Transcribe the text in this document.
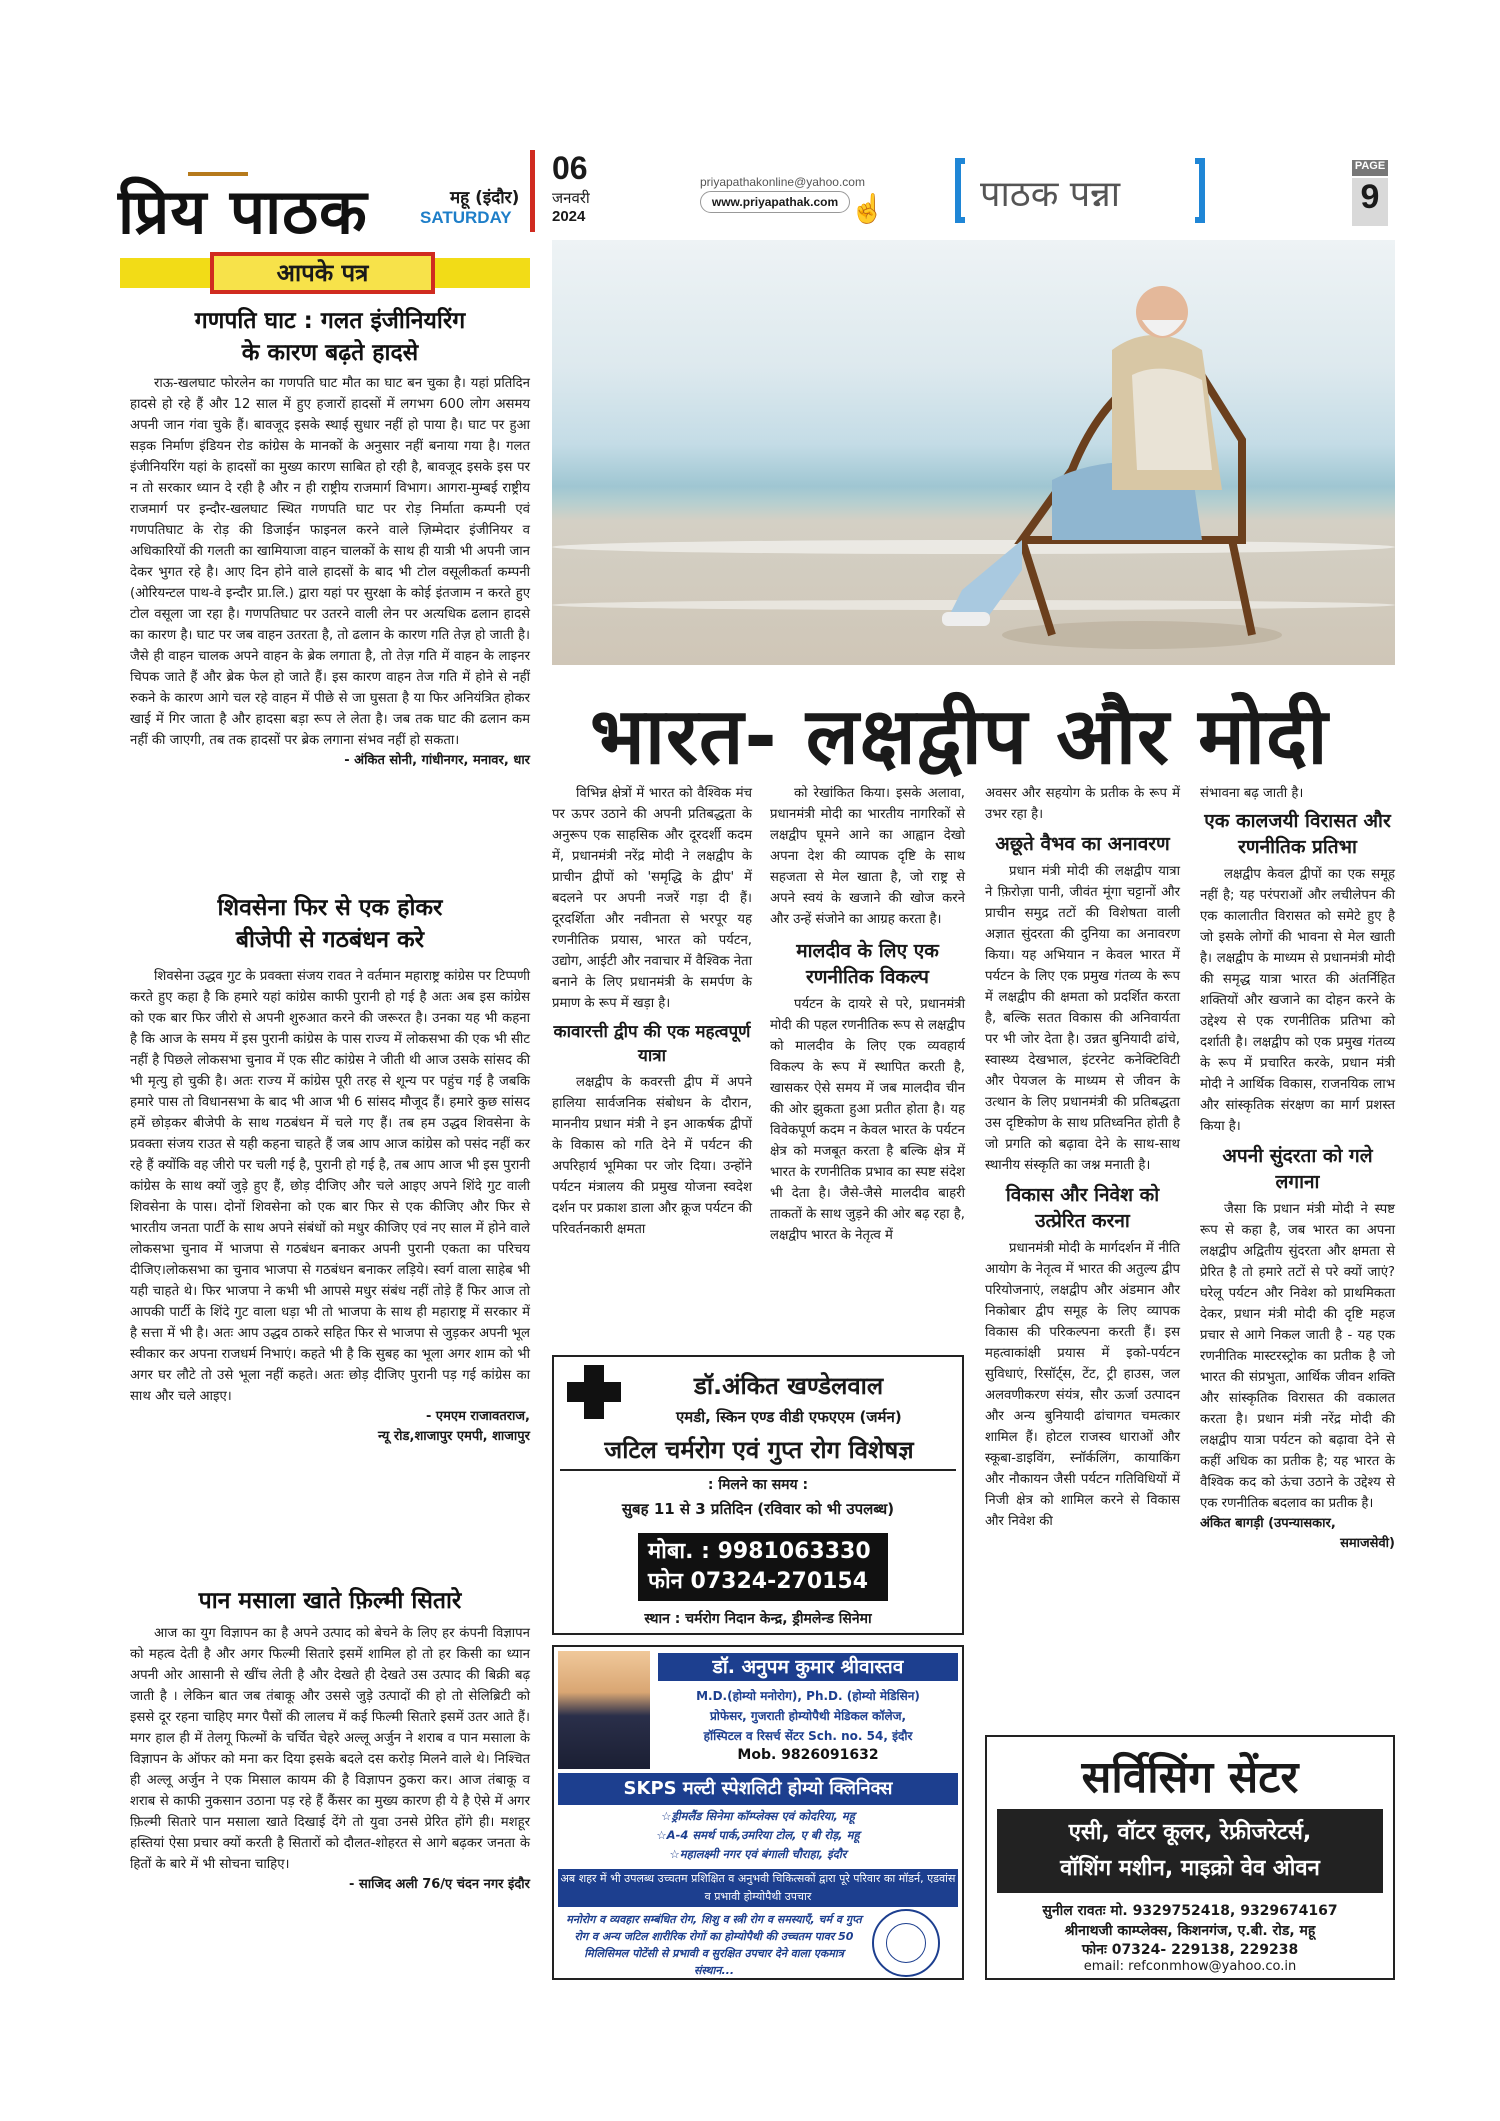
प्रिय पाठक	महू (इंदौर)
SATURDAY
06
जनवरी
2024
priyapathakonline@yahoo.com
www.priyapathak.com ☝	पाठक पन्ना
PAGE
9
आपके पत्र
गणपति घाट : गलत इंजीनियरिंग
के कारण बढ़ते हादसे

राऊ-खलघाट फोरलेन का गणपति घाट मौत का घाट बन चुका है। यहां प्रतिदिन हादसे हो रहे हैं और 12 साल में हुए हजारों हादसों में लगभग 600 लोग असमय अपनी जान गंवा चुके हैं। बावजूद इसके स्थाई सुधार नहीं हो पाया है। घाट पर हुआ सड़क निर्माण इंडियन रोड कांग्रेस के मानकों के अनुसार नहीं बनाया गया है। गलत इंजीनियरिंग यहां के हादसों का मुख्य कारण साबित हो रही है, बावजूद इसके इस पर न तो सरकार ध्यान दे रही है और न ही राष्ट्रीय राजमार्ग विभाग। आगरा-मुम्बई राष्ट्रीय राजमार्ग पर इन्दौर-खलघाट स्थित गणपति घाट पर रोड़ निर्माता कम्पनी एवं गणपतिघाट के रोड़ की डिजाईन फाइनल करने वाले ज़िम्मेदार इंजीनियर व अधिकारियों की गलती का खामियाजा वाहन चालकों के साथ ही यात्री भी अपनी जान देकर भुगत रहे है। आए दिन होने वाले हादसों के बाद भी टोल वसूलीकर्ता कम्पनी (ओरियन्टल पाथ-वे इन्दौर प्रा.लि.) द्वारा यहां पर सुरक्षा के कोई इंतजाम न करते हुए टोल वसूला जा रहा है। गणपतिघाट पर उतरने वाली लेन पर अत्यधिक ढलान हादसे का कारण है। घाट पर जब वाहन उतरता है, तो ढलान के कारण गति तेज़ हो जाती है। जैसे ही वाहन चालक अपने वाहन के ब्रेक लगाता है, तो तेज़ गति में वाहन के लाइनर चिपक जाते हैं और ब्रेक फेल हो जाते हैं। इस कारण वाहन तेज गति में होने से नहीं रुकने के कारण आगे चल रहे वाहन में पीछे से जा घुसता है या फिर अनियंत्रित होकर खाई में गिर जाता है और हादसा बड़ा रूप ले लेता है। जब तक घाट की ढलान कम नहीं की जाएगी, तब तक हादसों पर ब्रेक लगाना संभव नहीं हो सकता।

- अंकित सोनी, गांधीनगर, मनावर, धार
शिवसेना फिर से एक होकर
बीजेपी से गठबंधन करे

शिवसेना उद्धव गुट के प्रवक्ता संजय रावत ने वर्तमान महाराष्ट्र कांग्रेस पर टिप्पणी करते हुए कहा है कि हमारे यहां कांग्रेस काफी पुरानी हो गई है अतः अब इस कांग्रेस को एक बार फिर जीरो से अपनी शुरुआत करने की जरूरत है। उनका यह भी कहना है कि आज के समय में इस पुरानी कांग्रेस के पास राज्य में लोकसभा की एक भी सीट नहीं है पिछले लोकसभा चुनाव में एक सीट कांग्रेस ने जीती थी आज उसके सांसद की भी मृत्यु हो चुकी है। अतः राज्य में कांग्रेस पूरी तरह से शून्य पर पहुंच गई है जबकि हमारे पास तो विधानसभा के बाद भी आज भी 6 सांसद मौजूद हैं। हमारे कुछ सांसद हमें छोड़कर बीजेपी के साथ गठबंधन में चले गए हैं। तब हम उद्धव शिवसेना के प्रवक्ता संजय राउत से यही कहना चाहते हैं जब आप आज कांग्रेस को पसंद नहीं कर रहे हैं क्योंकि वह जीरो पर चली गई है, पुरानी हो गई है, तब आप आज भी इस पुरानी कांग्रेस के साथ क्यों जुड़े हुए हैं, छोड़ दीजिए और चले आइए अपने शिंदे गुट वाली शिवसेना के पास। दोनों शिवसेना को एक बार फिर से एक कीजिए और फिर से भारतीय जनता पार्टी के साथ अपने संबंधों को मधुर कीजिए एवं नए साल में होने वाले लोकसभा चुनाव में भाजपा से गठबंधन बनाकर अपनी पुरानी एकता का परिचय दीजिए।लोकसभा का चुनाव भाजपा से गठबंधन बनाकर लड़िये। स्वर्ग वाला साहेब भी यही चाहते थे। फिर भाजपा ने कभी भी आपसे मधुर संबंध नहीं तोड़े हैं फिर आज तो आपकी पार्टी के शिंदे गुट वाला धड़ा भी तो भाजपा के साथ ही महाराष्ट्र में सरकार में है सत्ता में भी है। अतः आप उद्धव ठाकरे सहित फिर से भाजपा से जुड़कर अपनी भूल स्वीकार कर अपना राजधर्म निभाएं। कहते भी है कि सुबह का भूला अगर शाम को भी अगर घर लौटे तो उसे भूला नहीं कहते। अतः छोड़ दीजिए पुरानी पड़ गई कांग्रेस का साथ और चले आइए।

- एमएम राजावतराज,
न्यू रोड,शाजापुर एमपी, शाजापुर
पान मसाला खाते फ़िल्मी सितारे

आज का युग विज्ञापन का है अपने उत्पाद को बेचने के लिए हर कंपनी विज्ञापन को महत्व देती है और अगर फिल्मी सितारे इसमें शामिल हो तो हर किसी का ध्यान अपनी ओर आसानी से खींच लेती है और देखते ही देखते उस उत्पाद की बिक्री बढ़ जाती है । लेकिन बात जब तंबाकू और उससे जुड़े उत्पादों की हो तो सेलिब्रिटी को इससे दूर रहना चाहिए मगर पैसों की लालच में कई फिल्मी सितारे इसमें उतर आते हैं। मगर हाल ही में तेलगू फिल्मों के चर्चित चेहरे अल्लू अर्जुन ने शराब व पान मसाला के विज्ञापन के ऑफर को मना कर दिया इसके बदले दस करोड़ मिलने वाले थे। निश्चित ही अल्लू अर्जुन ने एक मिसाल कायम की है विज्ञापन ठुकरा कर। आज तंबाकू व शराब से काफी नुकसान उठाना पड़ रहे हैं कैंसर का मुख्य कारण ही ये है ऐसे में अगर फ़िल्मी सितारे पान मसाला खाते दिखाई देंगे तो युवा उनसे प्रेरित होंगे ही। मशहूर हस्तियां ऐसा प्रचार क्यों करती है सितारों को दौलत-शोहरत से आगे बढ़कर जनता के हितों के बारे में भी सोचना चाहिए।

- साजिद अली 76/ए चंदन नगर इंदौर
भारत- लक्षद्वीप और मोदी

विभिन्न क्षेत्रों में भारत को वैश्विक मंच पर ऊपर उठाने की अपनी प्रतिबद्धता के अनुरूप एक साहसिक और दूरदर्शी कदम में, प्रधानमंत्री नरेंद्र मोदी ने लक्षद्वीप के प्राचीन द्वीपों को 'समृद्धि के द्वीप' में बदलने पर अपनी नजरें गड़ा दी हैं। दूरदर्शिता और नवीनता से भरपूर यह रणनीतिक प्रयास, भारत को पर्यटन, उद्योग, आईटी और नवाचार में वैश्विक नेता बनाने के लिए प्रधानमंत्री के समर्पण के प्रमाण के रूप में खड़ा है।

कावारत्ती द्वीप की एक महत्वपूर्ण यात्रा

लक्षद्वीप के कवरत्ती द्वीप में अपने हालिया सार्वजनिक संबोधन के दौरान, माननीय प्रधान मंत्री ने इन आकर्षक द्वीपों के विकास को गति देने में पर्यटन की अपरिहार्य भूमिका पर जोर दिया। उन्होंने पर्यटन मंत्रालय की प्रमुख योजना स्वदेश दर्शन पर प्रकाश डाला और क्रूज पर्यटन की परिवर्तनकारी क्षमता

को रेखांकित किया। इसके अलावा, प्रधानमंत्री मोदी का भारतीय नागरिकों से लक्षद्वीप घूमने आने का आह्वान देखो अपना देश की व्यापक दृष्टि के साथ सहजता से मेल खाता है, जो राष्ट्र से अपने स्वयं के खजाने की खोज करने और उन्हें संजोने का आग्रह करता है।

मालदीव के लिए एक रणनीतिक विकल्प

पर्यटन के दायरे से परे, प्रधानमंत्री मोदी की पहल रणनीतिक रूप से लक्षद्वीप को मालदीव के लिए एक व्यवहार्य विकल्प के रूप में स्थापित करती है, खासकर ऐसे समय में जब मालदीव चीन की ओर झुकता हुआ प्रतीत होता है। यह विवेकपूर्ण कदम न केवल भारत के पर्यटन क्षेत्र को मजबूत करता है बल्कि क्षेत्र में भारत के रणनीतिक प्रभाव का स्पष्ट संदेश भी देता है। जैसे-जैसे मालदीव बाहरी ताकतों के साथ जुड़ने की ओर बढ़ रहा है, लक्षद्वीप भारत के नेतृत्व में

अवसर और सहयोग के प्रतीक के रूप में उभर रहा है।

अछूते वैभव का अनावरण

प्रधान मंत्री मोदी की लक्षद्वीप यात्रा ने फ़िरोज़ा पानी, जीवंत मूंगा चट्टानों और प्राचीन समुद्र तटों की विशेषता वाली अज्ञात सुंदरता की दुनिया का अनावरण किया। यह अभियान न केवल भारत में पर्यटन के लिए एक प्रमुख गंतव्य के रूप में लक्षद्वीप की क्षमता को प्रदर्शित करता है, बल्कि सतत विकास की अनिवार्यता पर भी जोर देता है। उन्नत बुनियादी ढांचे, स्वास्थ्य देखभाल, इंटरनेट कनेक्टिविटी और पेयजल के माध्यम से जीवन के उत्थान के लिए प्रधानमंत्री की प्रतिबद्धता उस दृष्टिकोण के साथ प्रतिध्वनित होती है जो प्रगति को बढ़ावा देने के साथ-साथ स्थानीय संस्कृति का जश्न मनाती है।

विकास और निवेश को उत्प्रेरित करना

प्रधानमंत्री मोदी के मार्गदर्शन में नीति आयोग के नेतृत्व में भारत की अतुल्य द्वीप परियोजनाएं, लक्षद्वीप और अंडमान और निकोबार द्वीप समूह के लिए व्यापक विकास की परिकल्पना करती हैं। इस महत्वाकांक्षी प्रयास में इको-पर्यटन सुविधाएं, रिसॉर्ट्स, टेंट, ट्री हाउस, जल अलवणीकरण संयंत्र, सौर ऊर्जा उत्पादन और अन्य बुनियादी ढांचागत चमत्कार शामिल हैं। होटल राजस्व धाराओं और स्कूबा-डाइविंग, स्नॉर्कलिंग, कायाकिंग और नौकायन जैसी पर्यटन गतिविधियों में निजी क्षेत्र को शामिल करने से विकास और निवेश की

संभावना बढ़ जाती है।

एक कालजयी विरासत और रणनीतिक प्रतिभा

लक्षद्वीप केवल द्वीपों का एक समूह नहीं है; यह परंपराओं और लचीलेपन की एक कालातीत विरासत को समेटे हुए है जो इसके लोगों की भावना से मेल खाती है। लक्षद्वीप के माध्यम से प्रधानमंत्री मोदी की समृद्ध यात्रा भारत की अंतर्निहित शक्तियों और खजाने का दोहन करने के उद्देश्य से एक रणनीतिक प्रतिभा को दर्शाती है। लक्षद्वीप को एक प्रमुख गंतव्य के रूप में प्रचारित करके, प्रधान मंत्री मोदी ने आर्थिक विकास, राजनयिक लाभ और सांस्कृतिक संरक्षण का मार्ग प्रशस्त किया है।

अपनी सुंदरता को गले लगाना

जैसा कि प्रधान मंत्री मोदी ने स्पष्ट रूप से कहा है, जब भारत का अपना लक्षद्वीप अद्वितीय सुंदरता और क्षमता से प्रेरित है तो हमारे तटों से परे क्यों जाएं? घरेलू पर्यटन और निवेश को प्राथमिकता देकर, प्रधान मंत्री मोदी की दृष्टि महज प्रचार से आगे निकल जाती है - यह एक रणनीतिक मास्टरस्ट्रोक का प्रतीक है जो भारत की संप्रभुता, आर्थिक जीवन शक्ति और सांस्कृतिक विरासत की वकालत करता है। प्रधान मंत्री नरेंद्र मोदी की लक्षद्वीप यात्रा पर्यटन को बढ़ावा देने से कहीं अधिक का प्रतीक है; यह भारत के वैश्विक कद को ऊंचा उठाने के उद्देश्य से एक रणनीतिक बदलाव का प्रतीक है।

अंकित बागड़ी (उपन्यासकार,
समाजसेवी)
डॉ.अंकित खण्डेलवाल
एमडी, स्किन एण्ड वीडी एफएएम (जर्मन)
जटिल चर्मरोग एवं गुप्त रोग विशेषज्ञ
: मिलने का समय :
सुबह 11 से 3 प्रतिदिन (रविवार को भी उपलब्ध)
मोबा. : 9981063330
फोन 07324-270154
स्थान : चर्मरोग निदान केन्द्र, ड्रीमलेन्ड सिनेमा
डॉ. अनुपम कुमार श्रीवास्तव
M.D.(होम्यो मनोरोग), Ph.D. (होम्यो मेडिसिन)
प्रोफेसर, गुजराती होम्योपैथी मेडिकल कॉलेज,
हॉस्पिटल व रिसर्च सेंटर Sch. no. 54, इंदौर
Mob. 9826091632
SKPS मल्टी स्पेशलिटी होम्यो क्लिनिक्स
☆ड्रीमलैंड सिनेमा कॉम्प्लेक्स एवं कोदरिया, महू
☆A-4 समर्थ पार्क,उमरिया टोल, ए बी रोड़, महू
☆महालक्ष्मी नगर एवं बंगाली चौराहा, इंदौर
अब शहर में भी उपलब्ध उच्चतम प्रशिक्षित व अनुभवी चिकित्सकों द्वारा पूरे परिवार का मॉडर्न, एडवांस व प्रभावी होम्योपैथी उपचार
मनोरोग व व्यवहार सम्बंधित रोग, शिशु व स्त्री रोग व समस्याएँ, चर्म व गुप्त रोग व अन्य जटिल शारीरिक रोगों का होम्योपैथी की उच्चतम पावर 50 मिलिसिमल पोटेंसी से प्रभावी व सुरक्षित उपचार देने वाला एकमात्र संस्थान...
सर्विसिंग सेंटर
एसी, वॉटर कूलर, रेफ्रीजरेटर्स,
वॉशिंग मशीन, माइक्रो वेव ओवन
सुनील रावतः मो. 9329752418, 9329674167
श्रीनाथजी काम्प्लेक्स, किशनगंज, ए.बी. रोड, महू
फोनः 07324- 229138, 229238
email: refconmhow@yahoo.co.in
